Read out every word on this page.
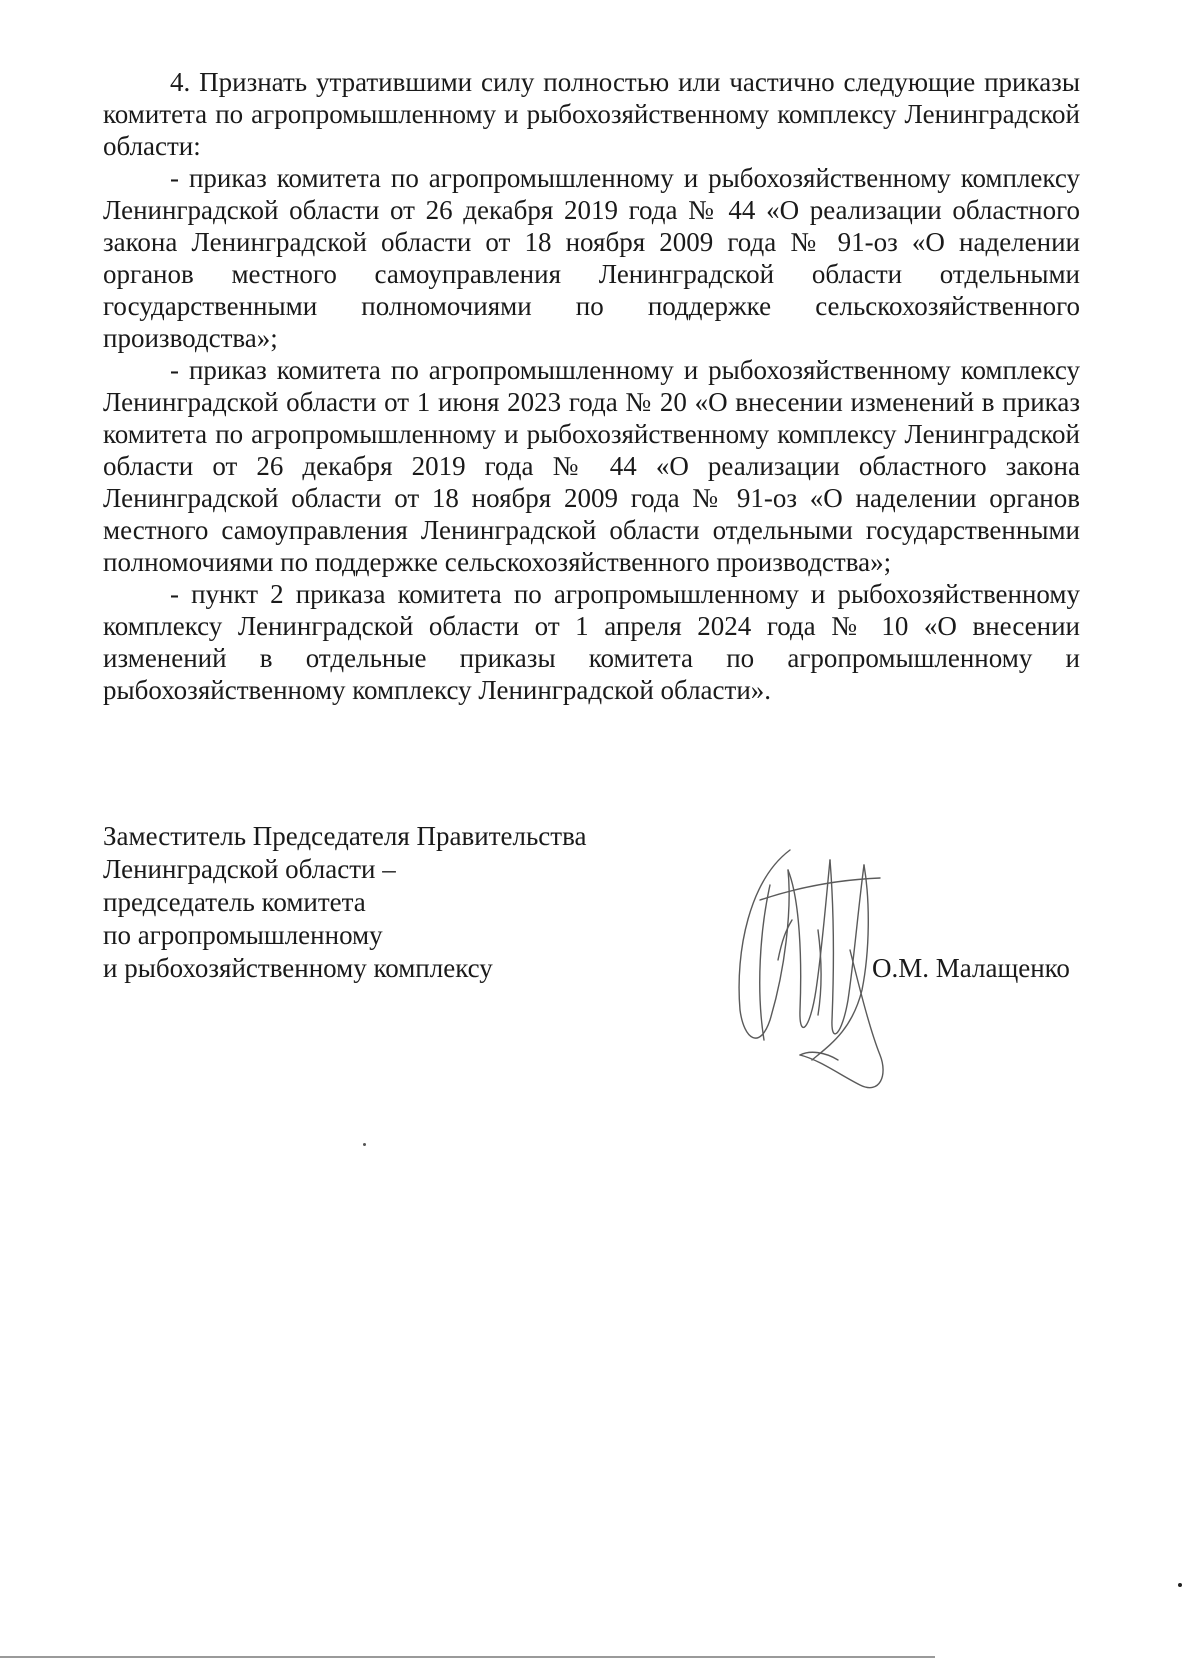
4. Признать утратившими силу полностью или частично следующие приказы комитета по агропромышленному и рыбохозяйственному комплексу Ленинградской области:

- приказ комитета по агропромышленному и рыбохозяйственному комплексу Ленинградской области от 26 декабря 2019 года № 44 «О реализации областного закона Ленинградской области от 18 ноября 2009 года № 91-оз «О наделении органов местного самоуправления Ленинградской области отдельными государственными полномочиями по поддержке сельскохозяйственного производства»;

- приказ комитета по агропромышленному и рыбохозяйственному комплексу Ленинградской области от 1 июня 2023 года № 20 «О внесении изменений в приказ комитета по агропромышленному и рыбохозяйственному комплексу Ленинградской области от 26 декабря 2019 года № 44 «О реализации областного закона Ленинградской области от 18 ноября 2009 года № 91-оз «О наделении органов местного самоуправления Ленинградской области отдельными государственными полномочиями по поддержке сельскохозяйственного производства»;

- пункт 2 приказа комитета по агропромышленному и рыбохозяйственному комплексу Ленинградской области от 1 апреля 2024 года № 10 «О внесении изменений в отдельные приказы комитета по агропромышленному и рыбохозяйственному комплексу Ленинградской области».

Заместитель Председателя Правительства
Ленинградской области –
председатель комитета
по агропромышленному
и рыбохозяйственному комплексу	О.М. Малащенко
